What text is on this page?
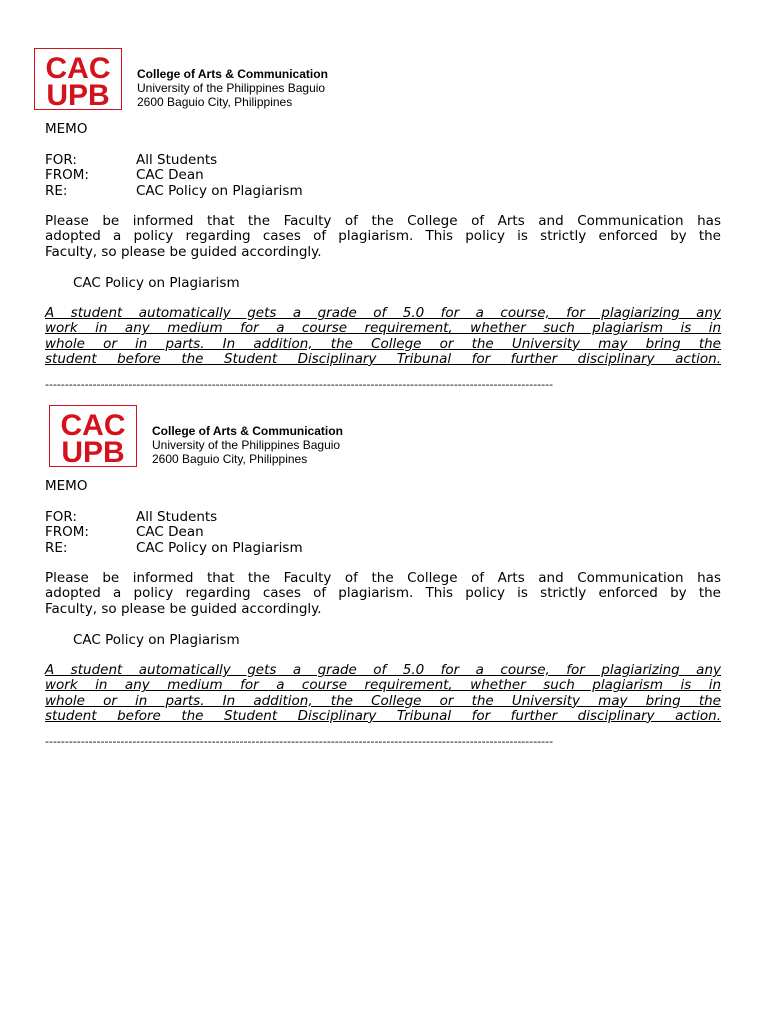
CAC
UPB
College of Arts & Communication
University of the Philippines Baguio
2600 Baguio City, Philippines
MEMO
FOR:	All Students
FROM:	CAC Dean
RE:	CAC Policy on Plagiarism
Please be informed that the Faculty of the College of Arts and Communication has
adopted a policy regarding cases of plagiarism. This policy is strictly enforced by the
Faculty, so please be guided accordingly.
CAC Policy on Plagiarism
A student automatically gets a grade of 5.0 for a course, for plagiarizing any
work in any medium for a course requirement, whether such plagiarism is in
whole or in parts. In addition, the College or the University may bring the
student before the Student Disciplinary Tribunal for further disciplinary action.
--------------------------------------------------------------------------------------------------------------------------------
CAC
UPB
College of Arts & Communication
University of the Philippines Baguio
2600 Baguio City, Philippines
MEMO
FOR:	All Students
FROM:	CAC Dean
RE:	CAC Policy on Plagiarism
Please be informed that the Faculty of the College of Arts and Communication has
adopted a policy regarding cases of plagiarism. This policy is strictly enforced by the
Faculty, so please be guided accordingly.
CAC Policy on Plagiarism
A student automatically gets a grade of 5.0 for a course, for plagiarizing any
work in any medium for a course requirement, whether such plagiarism is in
whole or in parts. In addition, the College or the University may bring the
student before the Student Disciplinary Tribunal for further disciplinary action.
--------------------------------------------------------------------------------------------------------------------------------
